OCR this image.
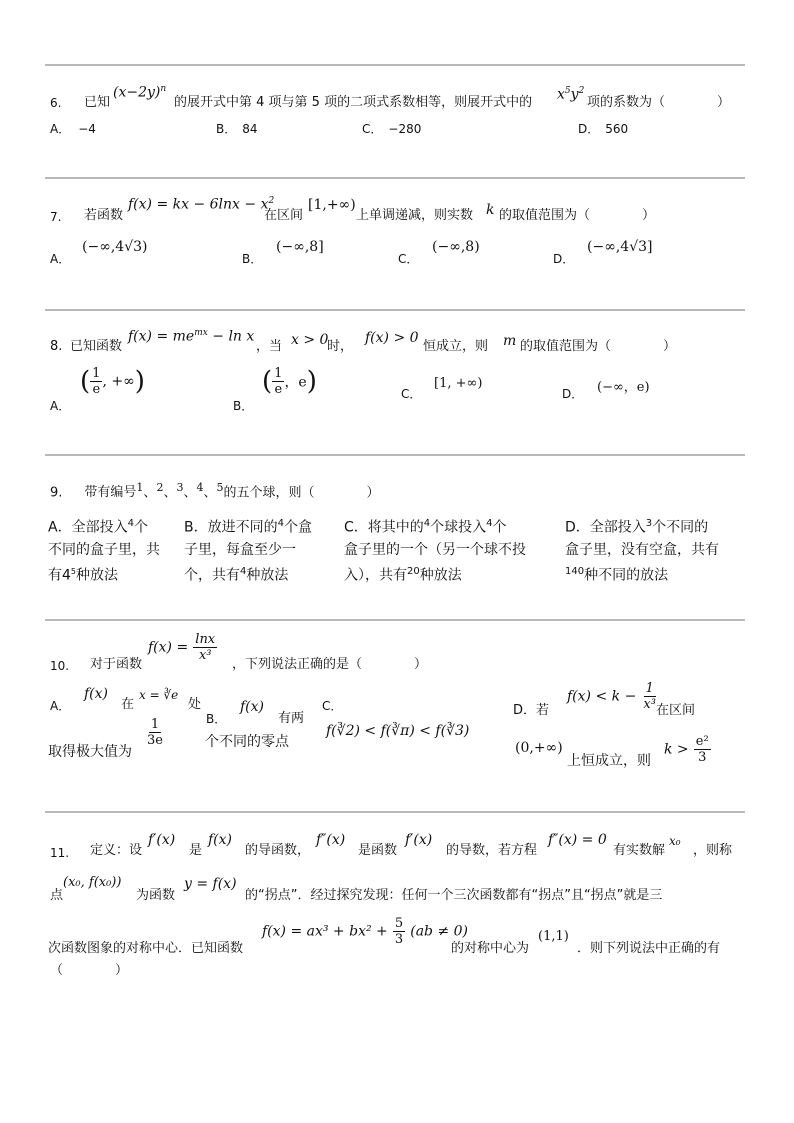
6. 已知
$(x-2y)^n$
的展开式中第 4 项与第 5 项的二项式系数相等，则展开式中的 $x^5y^2$
项的系数为（　　　　）
A． −4	B． 84	C． −280	D． 560
7. 若函数
f(x) = kx − $6\ln x - x^2$
在区间
[1,+∞)
上单调递减，则实数 k 的取值范围为（　　　　）
A．
(−∞,4√3)
B．
(−∞,8]
C．
(−∞,8)
D．
(−∞,4√3]
8. 已知函数
$f(x) = me^{mx} - \ln x$
，当 x > 0
时，
f(x) > 0
恒成立，则 m 的取值范围为（　　　　）
A．
( $\frac{1}{e}$ , +∞)
B．
( $\frac{1}{e}$ ，e)	C．
[1, +∞)
D． (−∞，e)
9. 带有编号$^1$、$^2$、$^3$、$^4$、$^5$的五个球，则（　　　　）
A．全部投入$^4$个
不同的盒子里，共
有$4^5$种放法
B．放进不同的$^4$个盒
子里，每盒至少一
个，共有$^4$种放法
C．将其中的$^4$个球投入$^4$个
盒子里的一个（另一个球不投
入），共有$^{20}$种放法
D．全部投入$^3$个不同的
盒子里，没有空盒，共有
$^{140}$种不同的放法
10. 对于函数
$f(x) = \frac{\ln x}{\text{x³}}$
，下列说法正确的是（　　　　）
A．
f(x)
在
x = ∛e
处
取得极大值为
$\frac{1}{3e}$	B．
f(x)
有两
个不同的零点
C．
f(∛2) < f(∛π) < f(∛3)
D．若
$f(x) < k - \frac{1}{\text{x³}}$
在区间
(0,+∞)
上恒成立，则
$k > \frac{\text{e²}}{3}$
11. 定义：设
f′(x)
是
f(x)
的导函数，
f″(x)
是函数
f′(x)
的导数，若方程
f″(x) = 0
有实数解
x₀
，则称
点
(x₀, f(x₀))
为函数
y = f(x)
的“拐点”．经过探究发现：任何一个三次函数都有“拐点”且“拐点”就是三
次函数图象的对称中心．已知函数
$f(x) = ax^3 + bx^2 + \frac{5}{3} (ab \ne 0)$
的对称中心为
(1,1)
．则下列说法中正确的有
（　　　　）
